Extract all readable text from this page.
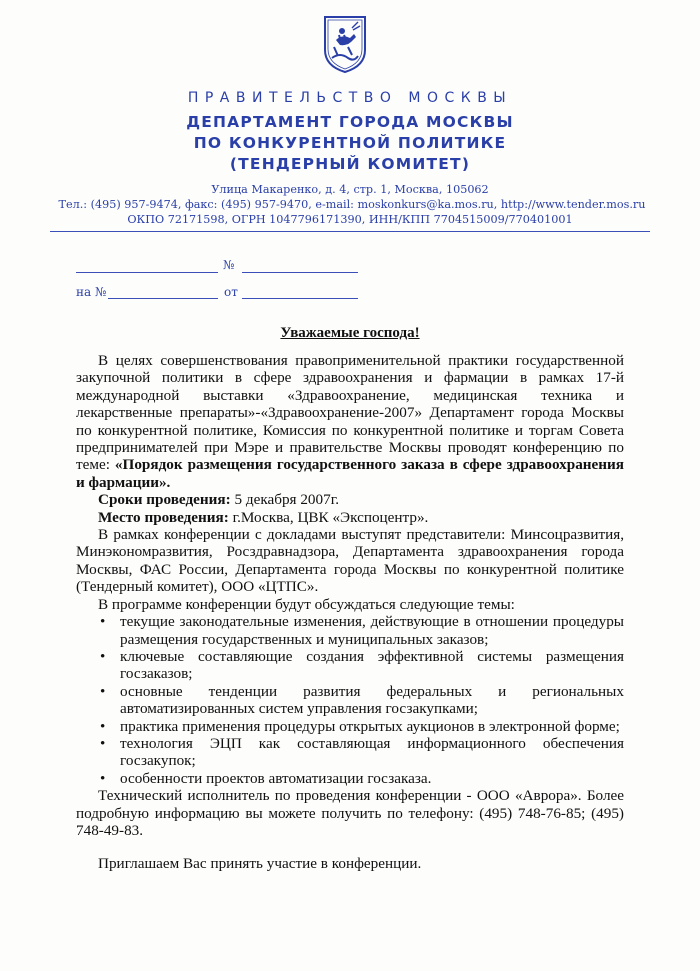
ПРАВИТЕЛЬСТВО МОСКВЫ
ДЕПАРТАМЕНТ ГОРОДА МОСКВЫ
ПО КОНКУРЕНТНОЙ ПОЛИТИКЕ
(ТЕНДЕРНЫЙ КОМИТЕТ)
Улица Макаренко, д. 4, стр. 1, Москва, 105062
Тел.: (495) 957-9474, факс: (495) 957-9470, e-mail: moskonkurs@ka.mos.ru, http://www.tender.mos.ru
ОКПО 72171598, ОГРН 1047796171390, ИНН/КПП 7704515009/770401001
№
на №	от
Уважаемые господа!

В целях совершенствования правоприменительной практики государственной закупочной политики в сфере здравоохранения и фармации в рамках 17-й международной выставки «Здравоохранение, медицинская техника и лекарственные препараты»-«Здравоохранение-2007» Департамент города Москвы по конкурентной политике, Комиссия по конкурентной политике и торгам Совета предпринимателей при Мэре и правительстве Москвы проводят конференцию по теме: «Порядок размещения государственного заказа в сфере здравоохранения и фармации».

Сроки проведения: 5 декабря 2007г.

Место проведения: г.Москва, ЦВК «Экспоцентр».

В рамках конференции с докладами выступят представители: Минсоцразвития, Минэкономразвития, Росздравнадзора, Департамента здравоохранения города Москвы, ФАС России, Департамента города Москвы по конкурентной политике (Тендерный комитет), ООО «ЦТПС».

В программе конференции будут обсуждаться следующие темы:

• текущие законодательные изменения, действующие в отношении процедуры размещения государственных и муниципальных заказов;
• ключевые составляющие создания эффективной системы размещения госзаказов;
• основные тенденции развития федеральных и региональных автоматизированных систем управления госзакупками;
• практика применения процедуры открытых аукционов в электронной форме;
• технология ЭЦП как составляющая информационного обеспечения госзакупок;
• особенности проектов автоматизации госзаказа.

Технический исполнитель по проведения конференции - ООО «Аврора». Более подробную информацию вы можете получить по телефону: (495) 748-76-85; (495) 748-49-83.

Приглашаем Вас принять участие в конференции.
